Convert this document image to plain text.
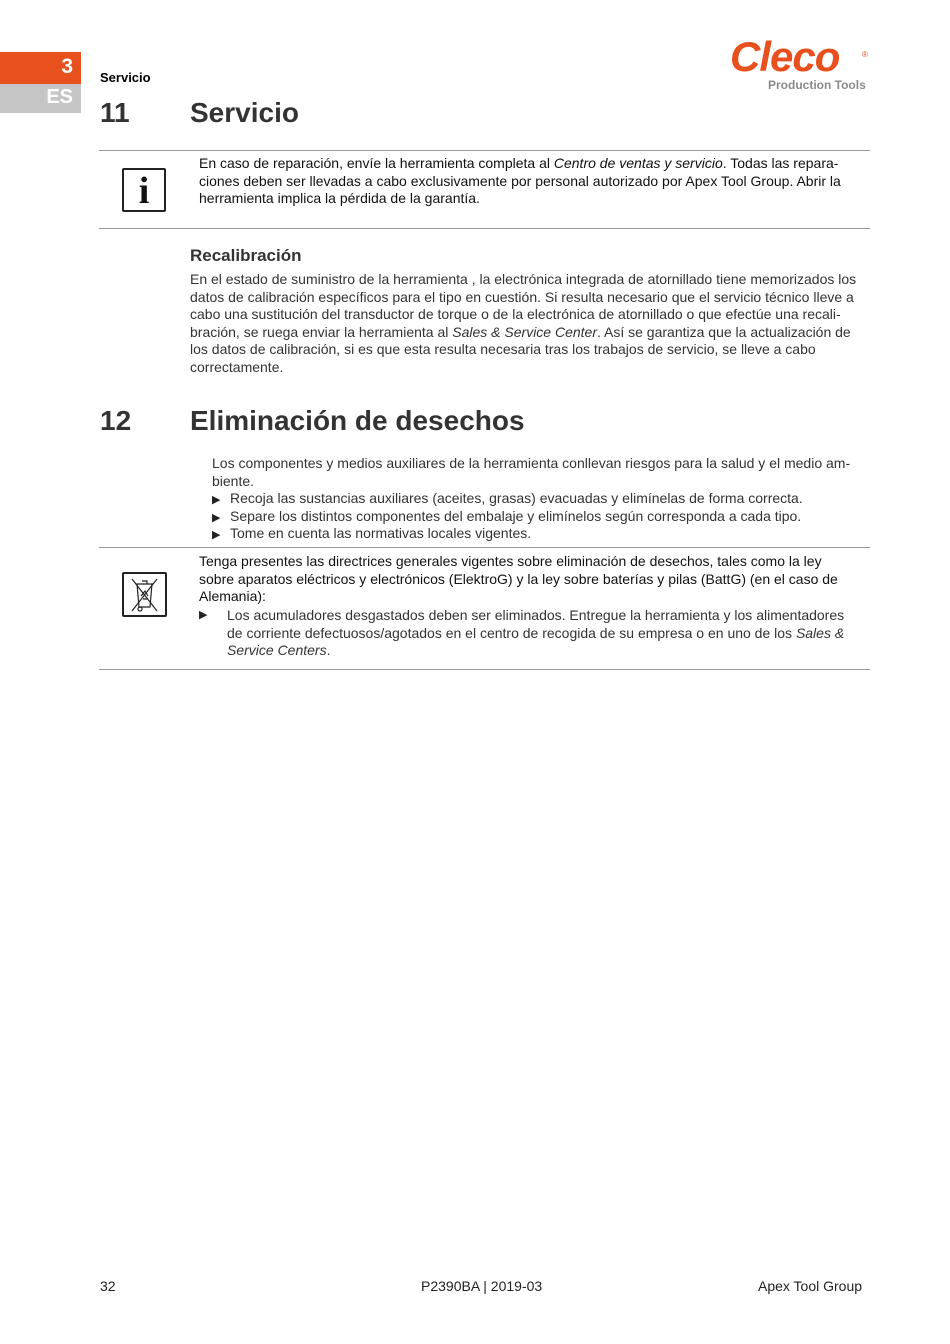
3
ES
Servicio	Cleco	®
Production Tools
11 Servicio
i
En caso de reparación, envíe la herramienta completa al Centro de ventas y servicio. Todas las repara-
ciones deben ser llevadas a cabo exclusivamente por personal autorizado por Apex Tool Group. Abrir la
herramienta implica la pérdida de la garantía.
Recalibración
En el estado de suministro de la herramienta , la electrónica integrada de atornillado tiene memorizados los
datos de calibración específicos para el tipo en cuestión. Si resulta necesario que el servicio técnico lleve a
cabo una sustitución del transductor de torque o de la electrónica de atornillado o que efectúe una recali-
bración, se ruega enviar la herramienta al Sales & Service Center. Así se garantiza que la actualización de
los datos de calibración, si es que esta resulta necesaria tras los trabajos de servicio, se lleve a cabo
correctamente.
12 Eliminación de desechos
Los componentes y medios auxiliares de la herramienta conllevan riesgos para la salud y el medio am-
biente.
▶ Recoja las sustancias auxiliares (aceites, grasas) evacuadas y elimínelas de forma correcta.
▶ Separe los distintos componentes del embalaje y elimínelos según corresponda a cada tipo.
▶ Tome en cuenta las normativas locales vigentes.
Tenga presentes las directrices generales vigentes sobre eliminación de desechos, tales como la ley
sobre aparatos eléctricos y electrónicos (ElektroG) y la ley sobre baterías y pilas (BattG) (en el caso de
Alemania):
▶	Los acumuladores desgastados deben ser eliminados. Entregue la herramienta y los alimentadores
de corriente defectuosos/agotados en el centro de recogida de su empresa o en uno de los Sales &
Service Centers.
32	P2390BA | 2019-03	Apex Tool Group
